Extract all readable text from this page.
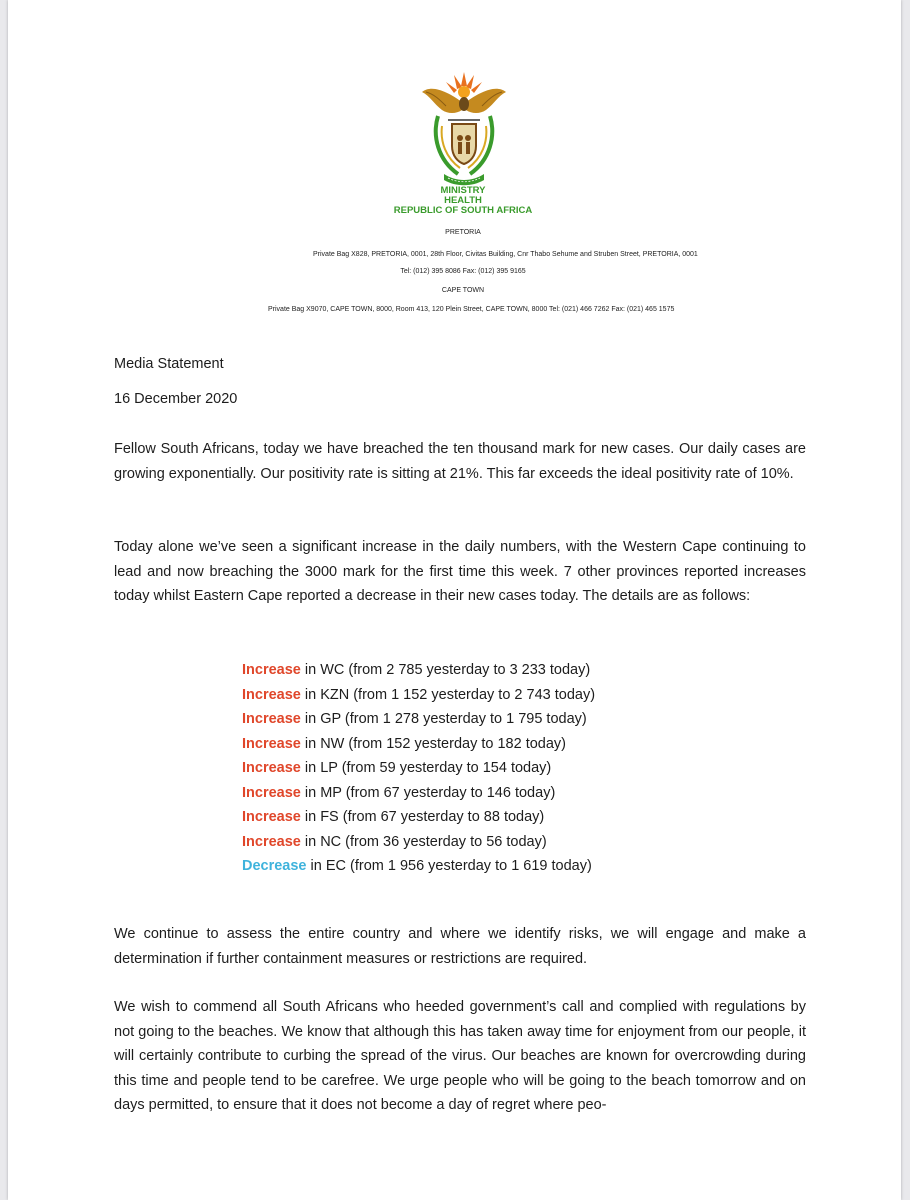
MINISTRY
HEALTH
REPUBLIC OF SOUTH AFRICA
PRETORIA
Private Bag X828, PRETORIA, 0001, 28th Floor, Civitas Building, Cnr Thabo Sehume and Struben Street, PRETORIA, 0001
Tel: (012) 395 8086 Fax: (012) 395 9165
CAPE TOWN
Private Bag X9070, CAPE TOWN, 8000, Room 413, 120 Plein Street, CAPE TOWN, 8000 Tel: (021) 466 7262 Fax: (021) 465 1575
Media Statement
16 December 2020
Fellow South Africans, today we have breached the ten thousand mark for new cases. Our daily cases are growing exponentially. Our positivity rate is sitting at 21%. This far exceeds the ideal positivity rate of 10%.
Today alone we’ve seen a significant increase in the daily numbers, with the Western Cape continuing to lead and now breaching the 3000 mark for the first time this week. 7 other provinces reported increases today whilst Eastern Cape reported a decrease in their new cases today. The details are as follows:
Increase in WC (from 2 785 yesterday to 3 233 today)
Increase in KZN (from 1 152 yesterday to 2 743 today)
Increase in GP (from 1 278 yesterday to 1 795 today)
Increase in NW (from 152 yesterday to 182 today)
Increase in LP (from 59 yesterday to 154 today)
Increase in MP (from 67 yesterday to 146 today)
Increase in FS (from 67 yesterday to 88 today)
Increase in NC (from 36 yesterday to 56 today)
Decrease in EC (from 1 956 yesterday to 1 619 today)
We continue to assess the entire country and where we identify risks, we will engage and make a determination if further containment measures or restrictions are required.
We wish to commend all South Africans who heeded government’s call and complied with regulations by not going to the beaches. We know that although this has taken away time for enjoyment from our people, it will certainly contribute to curbing the spread of the virus. Our beaches are known for overcrowding during this time and people tend to be carefree. We urge people who will be going to the beach tomorrow and on days permitted, to ensure that it does not become a day of regret where peo-
